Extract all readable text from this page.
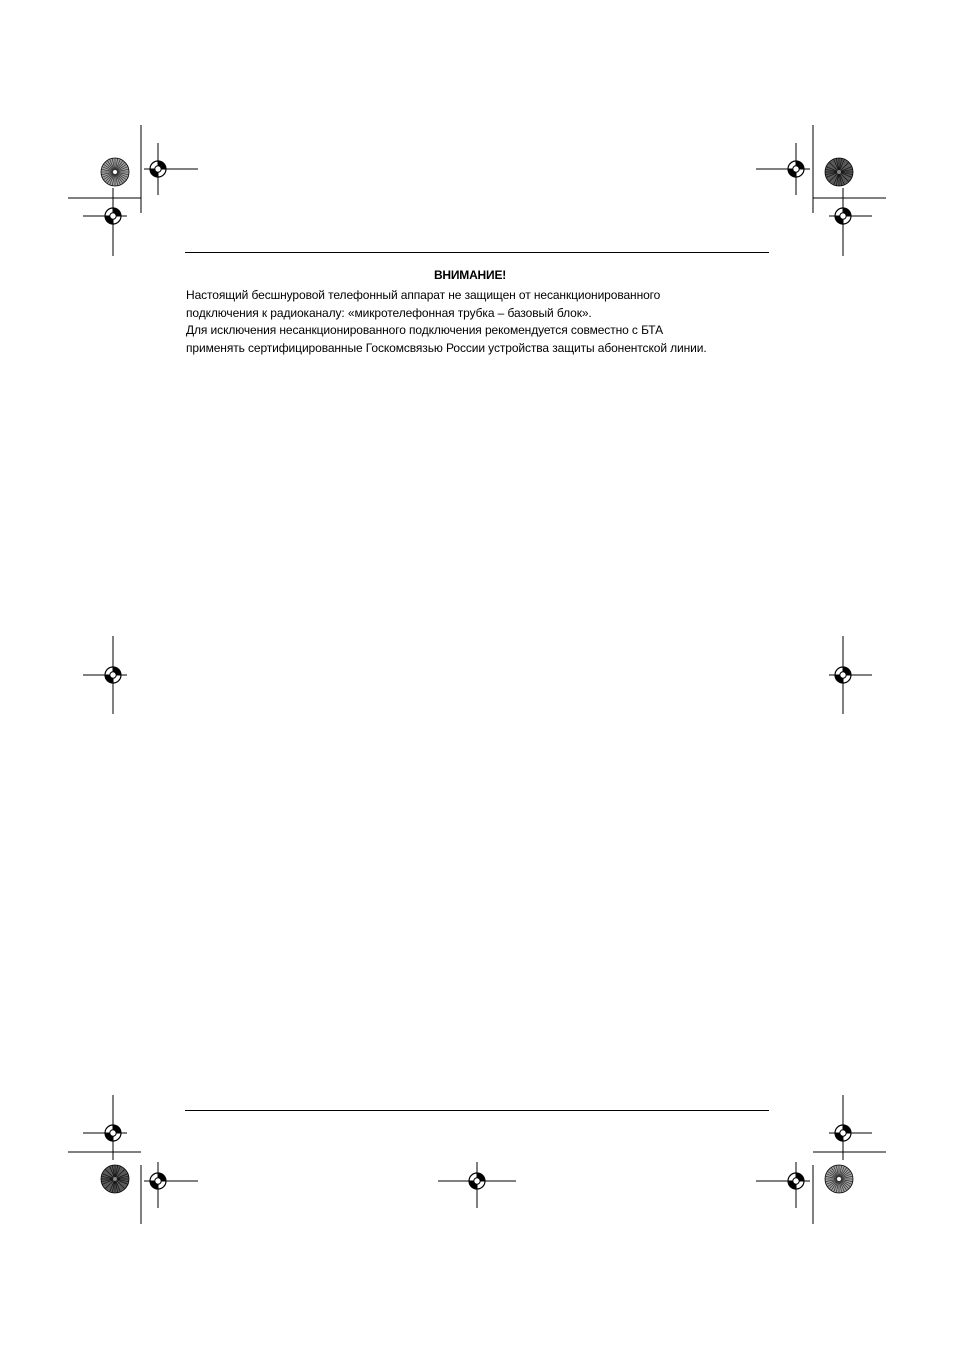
ВНИМАНИЕ!

Настоящий бесшнуровой телефонный аппарат не защищен от несанкционированного

подключения к радиоканалу: «микротелефонная трубка – базовый блок».

Для исключения несанкционированного подключения рекомендуется совместно с БТА

применять сертифицированные Госкомсвязью России устройства защиты абонентской линии.
